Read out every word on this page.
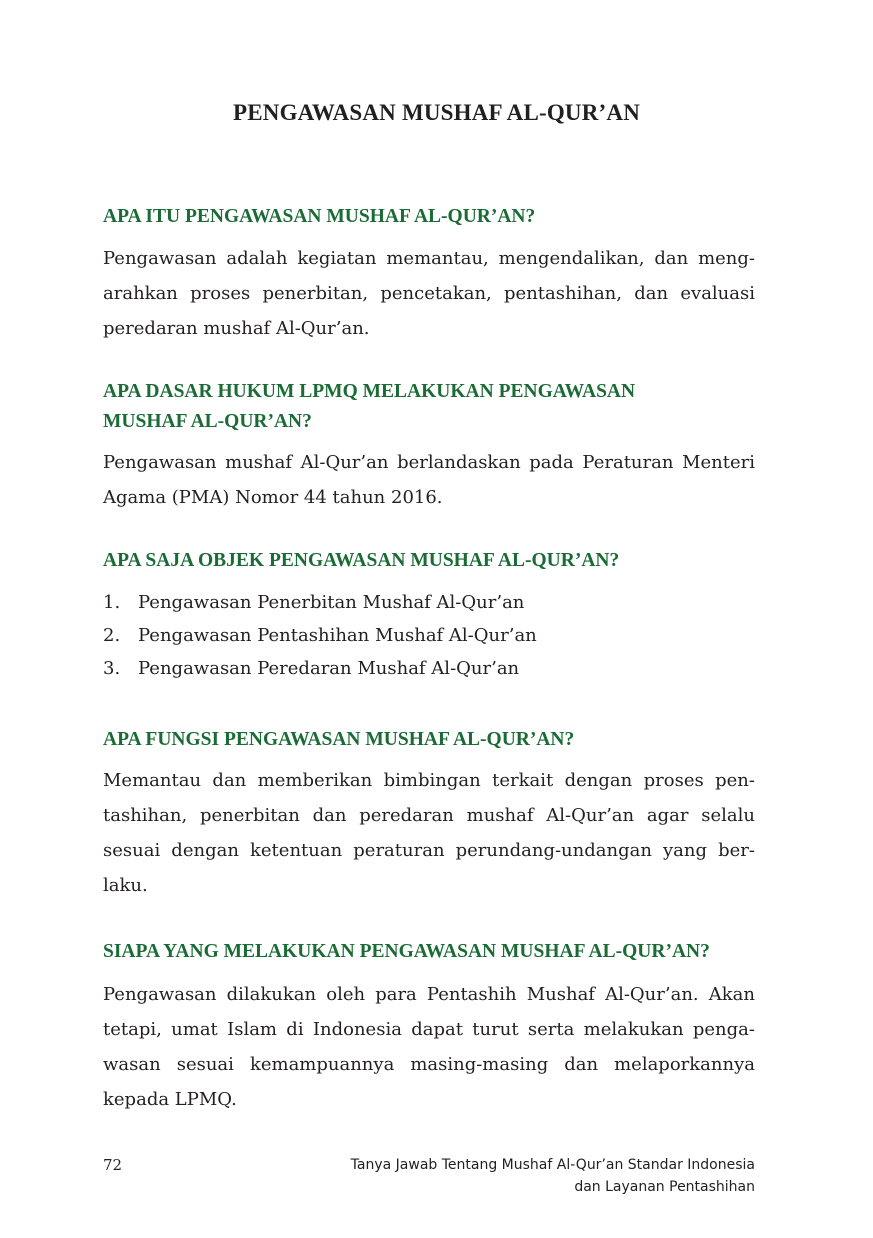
PENGAWASAN MUSHAF AL-QUR’AN
APA ITU PENGAWASAN MUSHAF AL-QUR’AN?
Pengawasan adalah kegiatan memantau, mengendalikan, dan mengarahkan proses penerbitan, pencetakan, pentashihan, dan evaluasi peredaran mushaf Al-Qur’an.
APA DASAR HUKUM LPMQ MELAKUKAN PENGAWASAN MUSHAF AL-QUR’AN?
Pengawasan mushaf Al-Qur’an berlandaskan pada Peraturan Menteri Agama (PMA) Nomor 44 tahun 2016.
APA SAJA OBJEK PENGAWASAN MUSHAF AL-QUR’AN?
1. Pengawasan Penerbitan Mushaf Al-Qur’an
2. Pengawasan Pentashihan Mushaf Al-Qur’an
3. Pengawasan Peredaran Mushaf Al-Qur’an
APA FUNGSI PENGAWASAN MUSHAF AL-QUR’AN?
Memantau dan memberikan bimbingan terkait dengan proses pentashihan, penerbitan dan peredaran mushaf Al-Qur’an agar selalu sesuai dengan ketentuan peraturan perundang-undangan yang berlaku.
SIAPA YANG MELAKUKAN PENGAWASAN MUSHAF AL-QUR’AN?
Pengawasan dilakukan oleh para Pentashih Mushaf Al-Qur’an. Akan tetapi, umat Islam di Indonesia dapat turut serta melakukan pengawasan sesuai kemampuannya masing-masing dan melaporkannya kepada LPMQ.
72	Tanya Jawab Tentang Mushaf Al-Qur’an Standar Indonesia
dan Layanan Pentashihan
